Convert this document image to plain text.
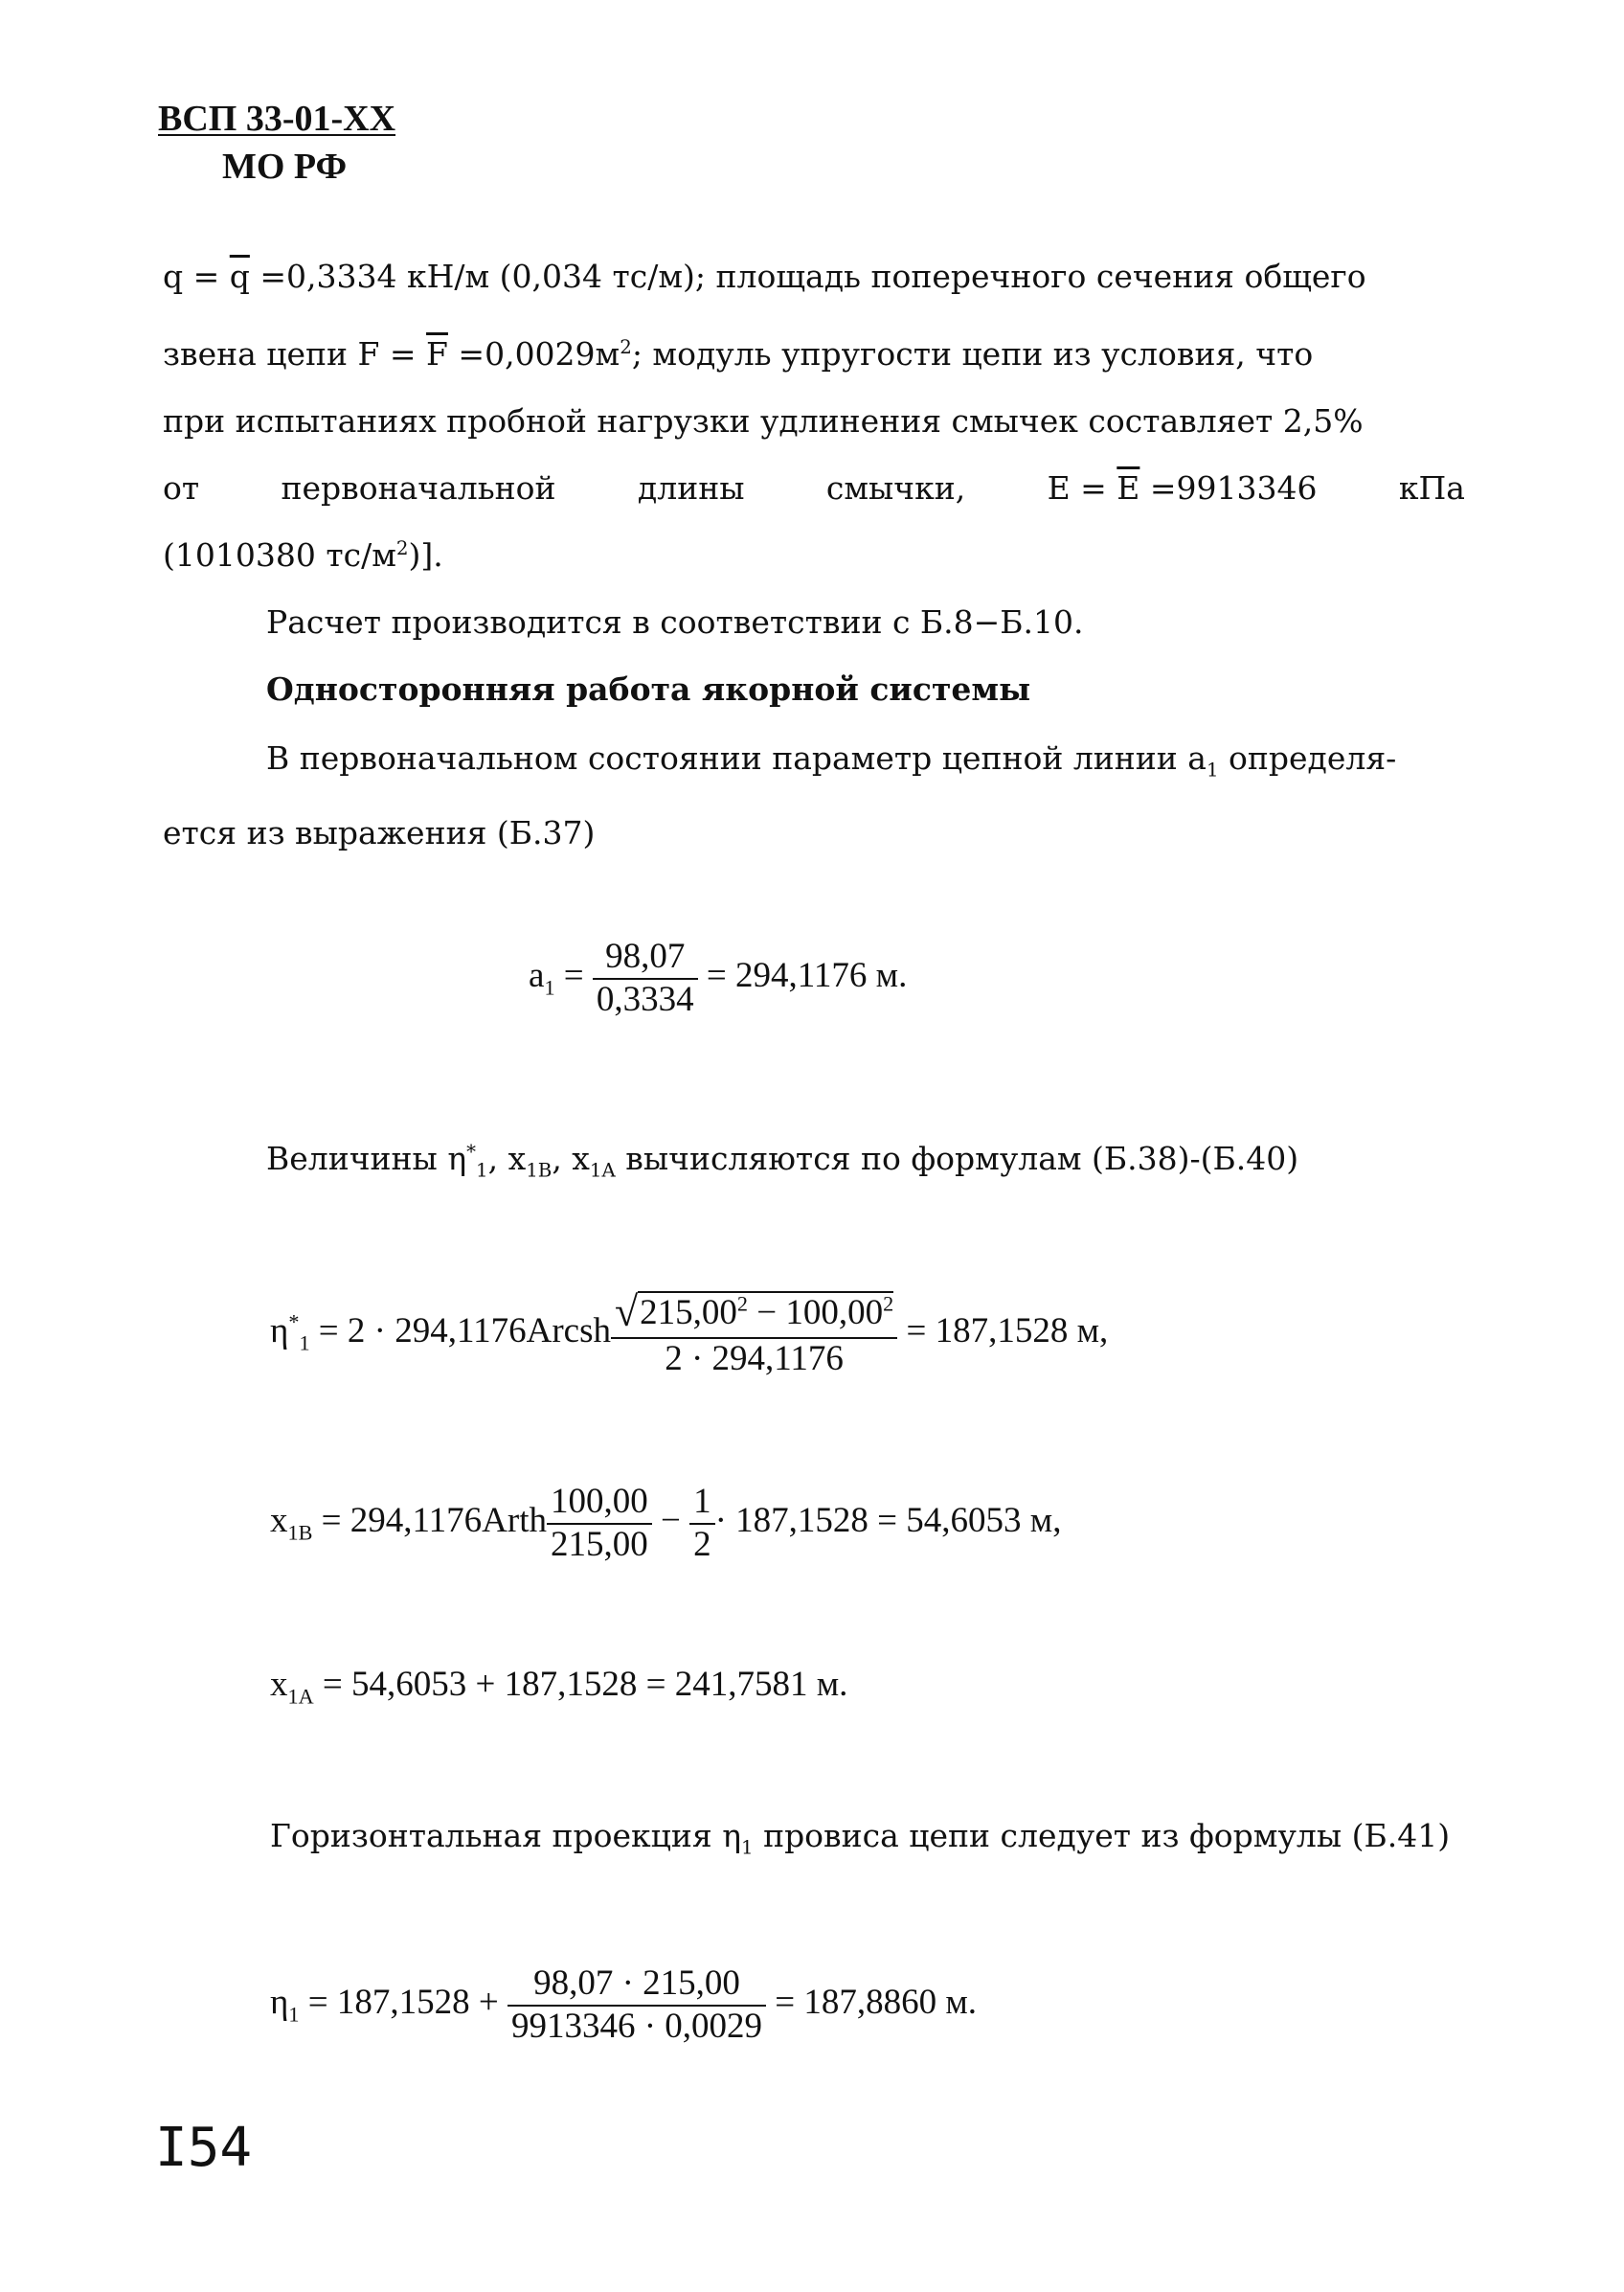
ВСП 33-01-ХХ
МО РФ
$q = \overline{q} =0,3334$ кН/м (0,034 тс/м); площадь поперечного сечения общего
звена цепи $F = \overline{F} =0,0029м^2$; модуль упругости цепи из условия, что
при испытаниях пробной нагрузки удлинения смычек составляет 2,5%
от	первоначальной	длины	смычки,	$E = \overline{E} =9913346$	кПа
(1010380 $тс/м^2$)].
Расчет производится в соответствии с Б.8−Б.10.
Односторонняя работа якорной системы
В первоначальном состоянии параметр цепной линии $a_1$ определя-
ется из выражения (Б.37)
$a_1 = \frac{98,07}{0,3334} = 294,1176$ м.
Величины $\eta^*_1$, $x_{1B}$, $x_{1A}$ вычисляются по формулам (Б.38)-(Б.40)
$\eta^*_1 = 2$ · 294,1176Arcsh $\frac{√215,00^2 - 100,00^2}{2 \cdot 294,1176} = 187,1528$ м,
$x_{1B}$ = 294,1176Arth $\frac{100,00}{215,00} - \frac{1}{2} \cdot 187,1528 = 54,6053$ м,
$x_{1A} = 54,6053 + 187,1528 = 241,7581$ м.
Горизонтальная проекция $\eta_1$ провиса цепи следует из формулы (Б.41)
$\eta_1 = 187,1528 + \frac{98,07 \cdot 215,00}{9913346 \cdot 0,0029} = 187,8860$ м.
I54
